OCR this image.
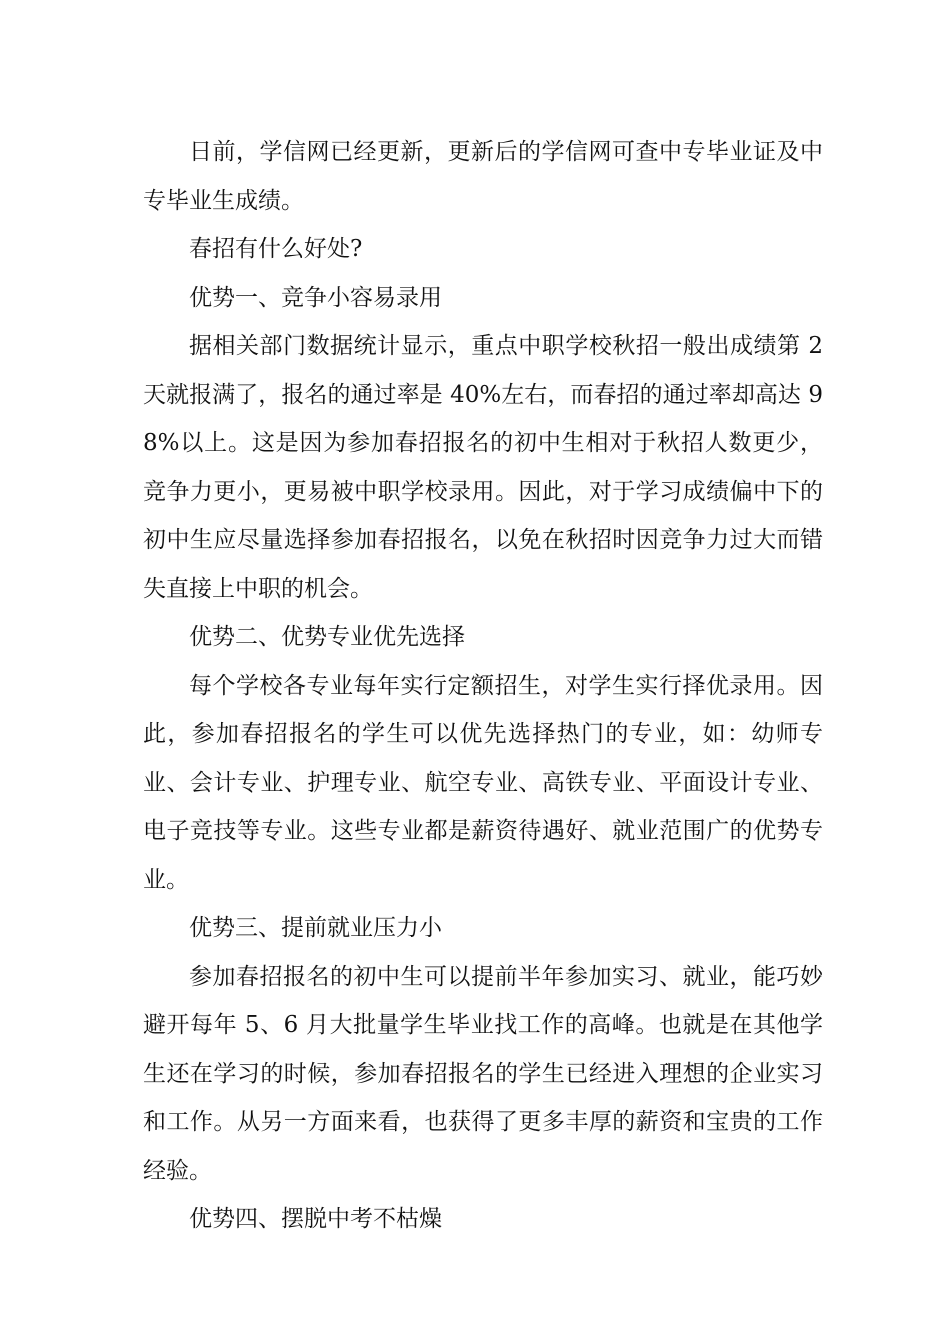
日前，学信网已经更新，更新后的学信网可查中专毕业证及中专毕业生成绩。

春招有什么好处?

优势一、竞争小容易录用

据相关部门数据统计显示，重点中职学校秋招一般出成绩第 2 天就报满了，报名的通过率是 40%左右，而春招的通过率却高达 98%以上。这是因为参加春招报名的初中生相对于秋招人数更少，竞争力更小，更易被中职学校录用。因此，对于学习成绩偏中下的初中生应尽量选择参加春招报名，以免在秋招时因竞争力过大而错失直接上中职的机会。

优势二、优势专业优先选择

每个学校各专业每年实行定额招生，对学生实行择优录用。因此，参加春招报名的学生可以优先选择热门的专业，如：幼师专业、会计专业、护理专业、航空专业、高铁专业、平面设计专业、电子竞技等专业。这些专业都是薪资待遇好、就业范围广的优势专业。

优势三、提前就业压力小

参加春招报名的初中生可以提前半年参加实习、就业，能巧妙避开每年 5、6 月大批量学生毕业找工作的高峰。也就是在其他学生还在学习的时候，参加春招报名的学生已经进入理想的企业实习和工作。从另一方面来看，也获得了更多丰厚的薪资和宝贵的工作经验。

优势四、摆脱中考不枯燥
